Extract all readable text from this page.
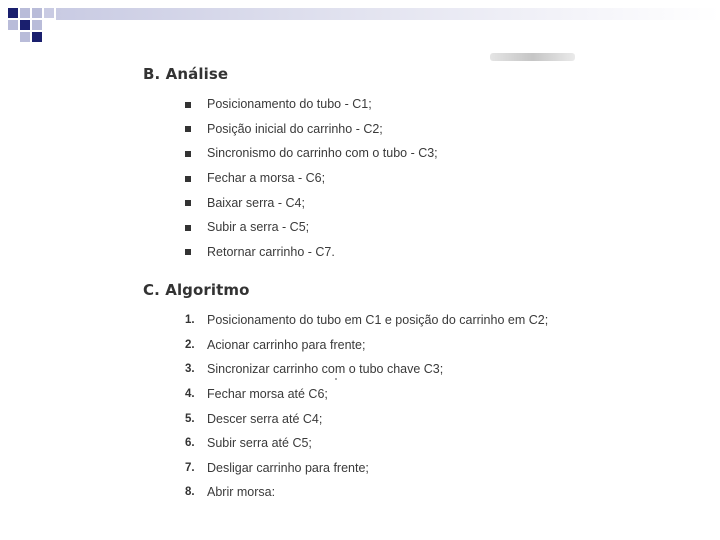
B. Análise
Posicionamento do tubo - C1;
Posição inicial do carrinho - C2;
Sincronismo do carrinho com o tubo - C3;
Fechar a morsa - C6;
Baixar serra - C4;
Subir a serra - C5;
Retornar carrinho - C7.
C. Algoritmo
1. Posicionamento do tubo em C1 e posição do carrinho em C2;
2. Acionar carrinho para frente;
3. Sincronizar carrinho com o tubo chave C3;
4. Fechar morsa até C6;
5. Descer serra até C4;
6. Subir serra até C5;
7. Desligar carrinho para frente;
8. Abrir morsa:
